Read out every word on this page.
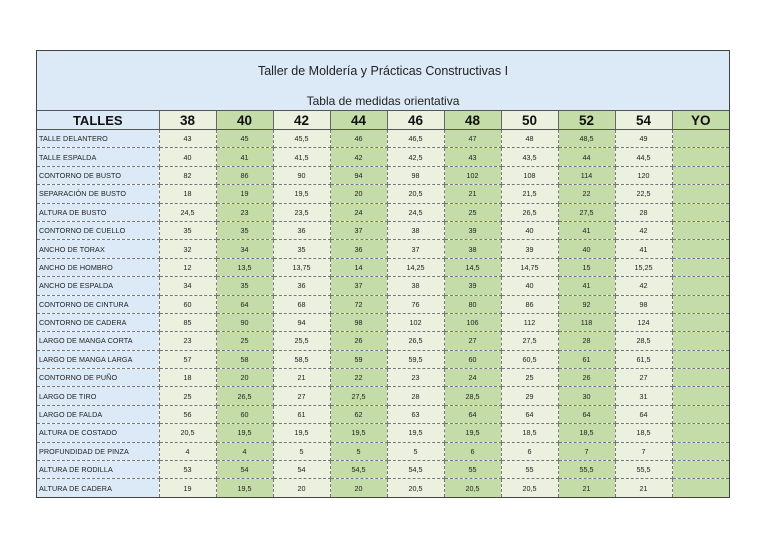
Taller de Moldería y Prácticas Constructivas I
Tabla de medidas orientativa
TALLES	38	40	42	44	46	48	50	52	54	YO
TALLE DELANTERO	43	45	45,5	46	46,5	47	48	48,5	49	
TALLE ESPALDA	40	41	41,5	42	42,5	43	43,5	44	44,5	
CONTORNO DE BUSTO	82	86	90	94	98	102	108	114	120	
SEPARACIÓN DE BUSTO	18	19	19,5	20	20,5	21	21,5	22	22,5	
ALTURA DE BUSTO	24,5	23	23,5	24	24,5	25	26,5	27,5	28	
CONTORNO DE CUELLO	35	35	36	37	38	39	40	41	42	
ANCHO DE TORAX	32	34	35	36	37	38	39	40	41	
ANCHO DE HOMBRO	12	13,5	13,75	14	14,25	14,5	14,75	15	15,25	
ANCHO DE ESPALDA	34	35	36	37	38	39	40	41	42	
CONTORNO DE CINTURA	60	64	68	72	76	80	86	92	98	
CONTORNO DE CADERA	85	90	94	98	102	106	112	118	124	
LARGO DE MANGA CORTA	23	25	25,5	26	26,5	27	27,5	28	28,5	
LARGO DE MANGA LARGA	57	58	58,5	59	59,5	60	60,5	61	61,5	
CONTORNO DE PUÑO	18	20	21	22	23	24	25	26	27	
LARGO DE TIRO	25	26,5	27	27,5	28	28,5	29	30	31	
LARGO DE FALDA	56	60	61	62	63	64	64	64	64	
ALTURA DE COSTADO	20,5	19,5	19,5	19,5	19,5	19,5	18,5	18,5	18,5	
PROFUNDIDAD DE PINZA	4	4	5	5	5	6	6	7	7	
ALTURA DE RODILLA	53	54	54	54,5	54,5	55	55	55,5	55,5	
ALTURA DE CADERA	19	19,5	20	20	20,5	20,5	20,5	21	21	
